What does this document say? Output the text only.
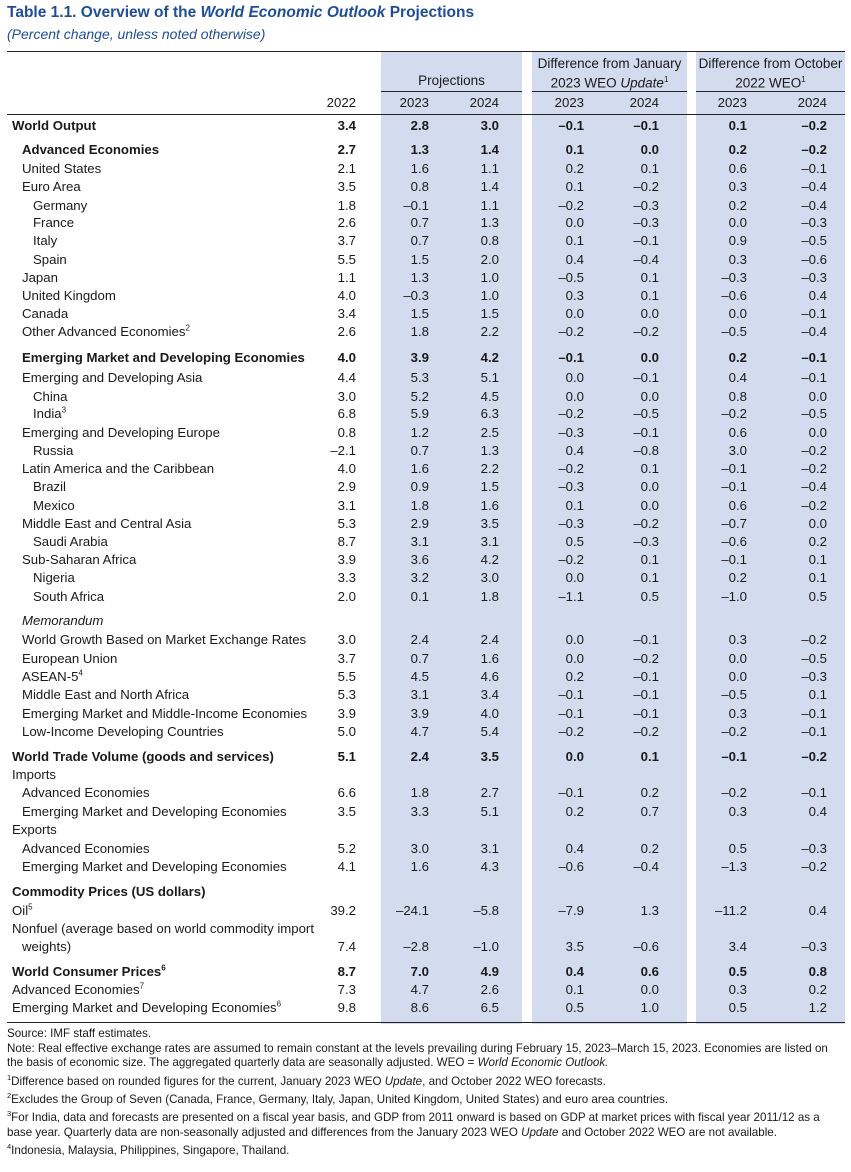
Table 1.1. Overview of the World Economic Outlook Projections
(Percent change, unless noted otherwise)
Projections
Difference from January
2023 WEO Update$^1$
Difference from October
2022 WEO$^1$
2022	2023	2024	2023	2024	2023	2024
World Output	3.4	2.8	3.0	–0.1	–0.1	0.1	–0.2
Advanced Economies	2.7	1.3	1.4	0.1	0.0	0.2	–0.2
United States	2.1	1.6	1.1	0.2	0.1	0.6	–0.1
Euro Area	3.5	0.8	1.4	0.1	–0.2	0.3	–0.4
Germany	1.8	–0.1	1.1	–0.2	–0.3	0.2	–0.4
France	2.6	0.7	1.3	0.0	–0.3	0.0	–0.3
Italy	3.7	0.7	0.8	0.1	–0.1	0.9	–0.5
Spain	5.5	1.5	2.0	0.4	–0.4	0.3	–0.6
Japan	1.1	1.3	1.0	–0.5	0.1	–0.3	–0.3
United Kingdom	4.0	–0.3	1.0	0.3	0.1	–0.6	0.4
Canada	3.4	1.5	1.5	0.0	0.0	0.0	–0.1
Other Advanced Economies$^2$	2.6	1.8	2.2	–0.2	–0.2	–0.5	–0.4
Emerging Market and Developing Economies	4.0	3.9	4.2	–0.1	0.0	0.2	–0.1
Emerging and Developing Asia	4.4	5.3	5.1	0.0	–0.1	0.4	–0.1
China	3.0	5.2	4.5	0.0	0.0	0.8	0.0
India$^3$	6.8	5.9	6.3	–0.2	–0.5	–0.2	–0.5
Emerging and Developing Europe	0.8	1.2	2.5	–0.3	–0.1	0.6	0.0
Russia	–2.1	0.7	1.3	0.4	–0.8	3.0	–0.2
Latin America and the Caribbean	4.0	1.6	2.2	–0.2	0.1	–0.1	–0.2
Brazil	2.9	0.9	1.5	–0.3	0.0	–0.1	–0.4
Mexico	3.1	1.8	1.6	0.1	0.0	0.6	–0.2
Middle East and Central Asia	5.3	2.9	3.5	–0.3	–0.2	–0.7	0.0
Saudi Arabia	8.7	3.1	3.1	0.5	–0.3	–0.6	0.2
Sub-Saharan Africa	3.9	3.6	4.2	–0.2	0.1	–0.1	0.1
Nigeria	3.3	3.2	3.0	0.0	0.1	0.2	0.1
South Africa	2.0	0.1	1.8	–1.1	0.5	–1.0	0.5
Memorandum
World Growth Based on Market Exchange Rates	3.0	2.4	2.4	0.0	–0.1	0.3	–0.2
European Union	3.7	0.7	1.6	0.0	–0.2	0.0	–0.5
ASEAN-$5^4$	5.5	4.5	4.6	0.2	–0.1	0.0	–0.3
Middle East and North Africa	5.3	3.1	3.4	–0.1	–0.1	–0.5	0.1
Emerging Market and Middle-Income Economies	3.9	3.9	4.0	–0.1	–0.1	0.3	–0.1
Low-Income Developing Countries	5.0	4.7	5.4	–0.2	–0.2	–0.2	–0.1
World Trade Volume (goods and services)	5.1	2.4	3.5	0.0	0.1	–0.1	–0.2
Imports
Advanced Economies	6.6	1.8	2.7	–0.1	0.2	–0.2	–0.1
Emerging Market and Developing Economies	3.5	3.3	5.1	0.2	0.7	0.3	0.4
Exports
Advanced Economies	5.2	3.0	3.1	0.4	0.2	0.5	–0.3
Emerging Market and Developing Economies	4.1	1.6	4.3	–0.6	–0.4	–1.3	–0.2
Commodity Prices (US dollars)
Oil$^5$	39.2	–24.1	–5.8	–7.9	1.3	–11.2	0.4
Nonfuel (average based on world commodity import
weights)	7.4	–2.8	–1.0	3.5	–0.6	3.4	–0.3
World Consumer Prices$^6$	8.7	7.0	4.9	0.4	0.6	0.5	0.8
Advanced Economies$^7$	7.3	4.7	2.6	0.1	0.0	0.3	0.2
Emerging Market and Developing Economies$^6$	9.8	8.6	6.5	0.5	1.0	0.5	1.2
Source: IMF staff estimates.
Note: Real effective exchange rates are assumed to remain constant at the levels prevailing during February 15, 2023–March 15, 2023. Economies are listed on the basis of economic size. The aggregated quarterly data are seasonally adjusted. WEO = World Economic Outlook.
$^1$Difference based on rounded figures for the current, January 2023 WEO Update, and October 2022 WEO forecasts.
$^2$Excludes the Group of Seven (Canada, France, Germany, Italy, Japan, United Kingdom, United States) and euro area countries.
$^3$For India, data and forecasts are presented on a fiscal year basis, and GDP from 2011 onward is based on GDP at market prices with fiscal year 2011/12 as a base year. Quarterly data are non-seasonally adjusted and differences from the January 2023 WEO Update and October 2022 WEO are not available.
$^4$Indonesia, Malaysia, Philippines, Singapore, Thailand.
